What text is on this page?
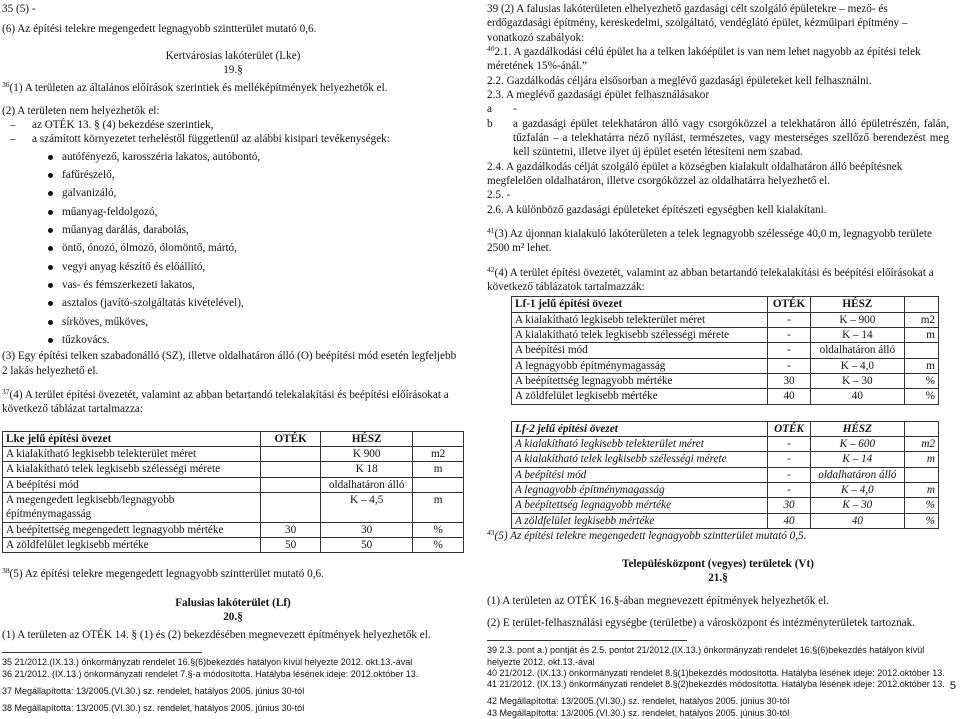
35 (5) -

(6) Az építési telekre megengedett legnagyobb szintterület mutató 0,6.

Kertvárosias lakóterület (Lke)

19.§

$^{36}$(1) A területen az általános előírások szerintiek és melléképítmények helyezhetők el.

(2) A területen nem helyezhetők el:

–	az OTÉK 13. § (4) bekezdése szerintiek,
–	a számított környezetet terheléstől függetlenül az alábbi kisipari tevékenységek:
autófényező, karosszéria lakatos, autóbontó,
fafűrészelő,
galvanizáló,
műanyag-feldolgozó,
műanyag darálás, darabolás,
öntő, ónozó, ólmozó, ólomöntő, mártó,
vegyi anyag készítő és előállító,
vas- és fémszerkezeti lakatos,
asztalos (javító-szolgáltatás kivételével),
sírköves, műköves,
tűzkovács.

(3) Egy építési telken szabadonálló (SZ), illetve oldalhatáron álló (O) beépítési mód esetén legfeljebb 2 lakás helyezhető el.

$^{37}$(4) A terület építési övezetét, valamint az abban betartandó telekalakítási és beépítési előírásokat a következő táblázat tartalmazza:

Lke jelű építési övezet	OTÉK	HÉSZ	
A kialakítható legkisebb telekterület méret		K 900	m2
A kialakítható telek legkisebb szélességi mérete		K 18	m
A beépítési mód		oldalhatáron álló	
A megengedett legkisebb/legnagyobb építménymagasság		K – 4,5	m
A beépítettség megengedett legnagyobb mértéke	30	30	%
A zöldfelület legkisebb mértéke	50	50	%

$^{38}$(5) Az építési telekre megengedett legnagyobb szintterület mutató 0,6.

Falusias lakóterület (Lf)

20.§

(1) A területen az OTÉK 14. § (1) és (2) bekezdésében megnevezett építmények helyezhetők el.

35 21/2012.(IX.13.) önkormányzati rendelet 16.§(6)bekezdés hatályon kívül helyezte 2012. okt.13.-ával

36 21/2012. (IX.13.) önkormányzati rendelet 7.§-a módosította. Hatályba lésének ideje: 2012.október 13.

37 Megállapította: 13/2005.(VI.30.) sz. rendelet, hatályos 2005. június 30-tól

38 Megállapította: 13/2005.(VI.30.) sz. rendelet, hatályos 2005. június 30-tól

39 (2) A falusias lakóterületen elhelyezhető gazdasági célt szolgáló épületekre – mező- és erdőgazdasági építmény, kereskedelmi, szolgáltató, vendéglátó épület, kézműipari építmény – vonatkozó szabályok:

$^{40}$2.1. A gazdálkodási célú épület ha a telken lakóépület is van nem lehet nagyobb az építési telek méretének 15%-ánál.”

2.2. Gazdálkodás céljára elsősorban a meglévő gazdasági épületeket kell felhasználni.

2.3. A meglévő gazdasági épület felhasználásakor

a	-
b	a gazdasági épület telekhatáron álló vagy csorgóközzel a telekhatáron álló épületrészén, falán, tűzfalán – a telekhatárra néző nyílást, természetes, vagy mesterséges szellőző berendezést meg kell szüntetni, illetve ilyet új épület esetén létesíteni nem szabad.

2.4. A gazdálkodás célját szolgáló épület a községben kialakult oldalhatáron álló beépítésnek megfelelően oldalhatáron, illetve csorgóközzel az oldalhatárra helyezhető el.

2.5. -

2.6. A különböző gazdasági épületeket építészeti egységben kell kialakítani.

$^{41}$(3) Az újonnan kialakuló lakóterületen a telek legnagyobb szélessége 40,0 m, legnagyobb területe 2500 m² lehet.

$^{42}$(4) A terület építési övezetét, valamint az abban betartandó telekalakítási és beépítési előírásokat a következő táblázatok tartalmazzák:

Lf-1 jelű építési övezet	OTÉK	HÉSZ	
A kialakítható legkisebb telekterület méret	-	K – 900	m2
A kialakítható telek legkisebb szélességi mérete	-	K – 14	m
A beépítési mód	-	oldalhatáron álló	
A legnagyobb építménymagasság	-	K – 4,0	m
A beépítettség legnagyobb mértéke	30	K – 30	%
A zöldfelület legkisebb mértéke	40	40	%
Lf-2 jelű építési övezet	OTÉK	HÉSZ	
A kialakítható legkisebb telekterület méret	-	K – 600	m2
A kialakítható telek legkisebb szélességi mérete	-	K – 14	m
A beépítési mód	-	oldalhatáron álló	
A legnagyobb építménymagasság	-	K – 4,0	m
A beépítettség legnagyobb mértéke	30	K – 30	%
A zöldfelület legkisebb mértéke	40	40	%

$^{43}$(5) Az építési telekre megengedett legnagyobb szintterület mutató 0,5.

Településközpont (vegyes) területek (Vt)

21.§

(1) A területen az OTÉK 16.§-ában megnevezett építmények helyezhetők el.

(2) E terület-felhasználási egységbe (területbe) a városközpont és intézményterületek tartoznak.

39 2.3. pont a.) pontját és 2.5. pontot 21/2012.(IX.13.) önkormányzati rendelet 16.§(6)bekezdés hatályon kívül helyezte 2012. okt.13.-ával

40 21/2012. (IX.13.) önkormányzati rendelet 8.§(1)bekezdés módosította. Hatályba lésének ideje: 2012.október 13.

41 21/2012. (IX.13.) önkormányzati rendelet 8.§(2)bekezdés módosította. Hatályba lésének ideje: 2012.október 13.

42 Megállapította: 13/2005.(VI.30.) sz. rendelet, hatályos 2005. június 30-tól

43 Megállapította: 13/2005.(VI.30.) sz. rendelet, hatályos 2005. június 30-tól

5
